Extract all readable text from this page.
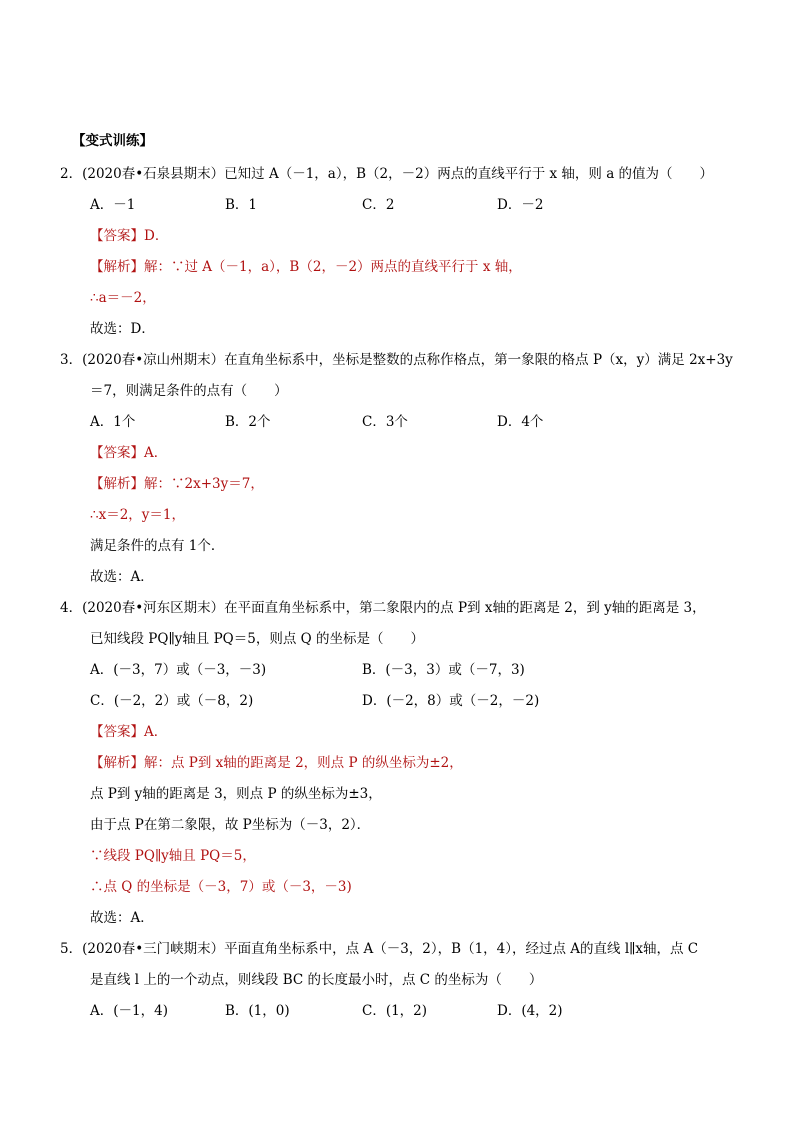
【变式训练】
2．(2020春•石泉县期末）已知过 A（－1，a），B（2，－2）两点的直线平行于 x 轴，则 a 的值为（　　）
A．－1	B．1	C．2	D．－2
【答案】D．
【解析】解：∵过 A（－1，a），B（2，－2）两点的直线平行于 x 轴，
∴a＝－2，
故选：D．
3．(2020春•凉山州期末）在直角坐标系中，坐标是整数的点称作格点，第一象限的格点 P（x，y）满足 2x+3y
＝7，则满足条件的点有（　　）
A．1个	B．2个	C．3个	D．4个
【答案】A．
【解析】解：∵2x+3y＝7，
∴x＝2，y＝1，
满足条件的点有 1个．
故选：A．
4．(2020春•河东区期末）在平面直角坐标系中，第二象限内的点 P到 x轴的距离是 2，到 y轴的距离是 3，
已知线段 PQ∥y轴且 PQ＝5，则点 Q 的坐标是（　　）
A．(－3，7）或（－3，－3)	B．(－3，3）或（－7，3)
C．(－2，2）或（－8，2)	D．(－2，8）或（－2，－2)
【答案】A．
【解析】解：点 P到 x轴的距离是 2，则点 P 的纵坐标为±2，
点 P到 y轴的距离是 3，则点 P 的纵坐标为±3，
由于点 P在第二象限，故 P坐标为（－3，2）．
∵线段 PQ∥y轴且 PQ＝5，
∴点 Q 的坐标是（－3，7）或（－3，－3)
故选：A．
5．(2020春•三门峡期末）平面直角坐标系中，点 A（－3，2），B（1，4），经过点 A的直线 l∥x轴，点 C
是直线 l 上的一个动点，则线段 BC 的长度最小时，点 C 的坐标为（　　）
A．(－1，4)	B．(1，0)	C．(1，2)	D．(4，2)
